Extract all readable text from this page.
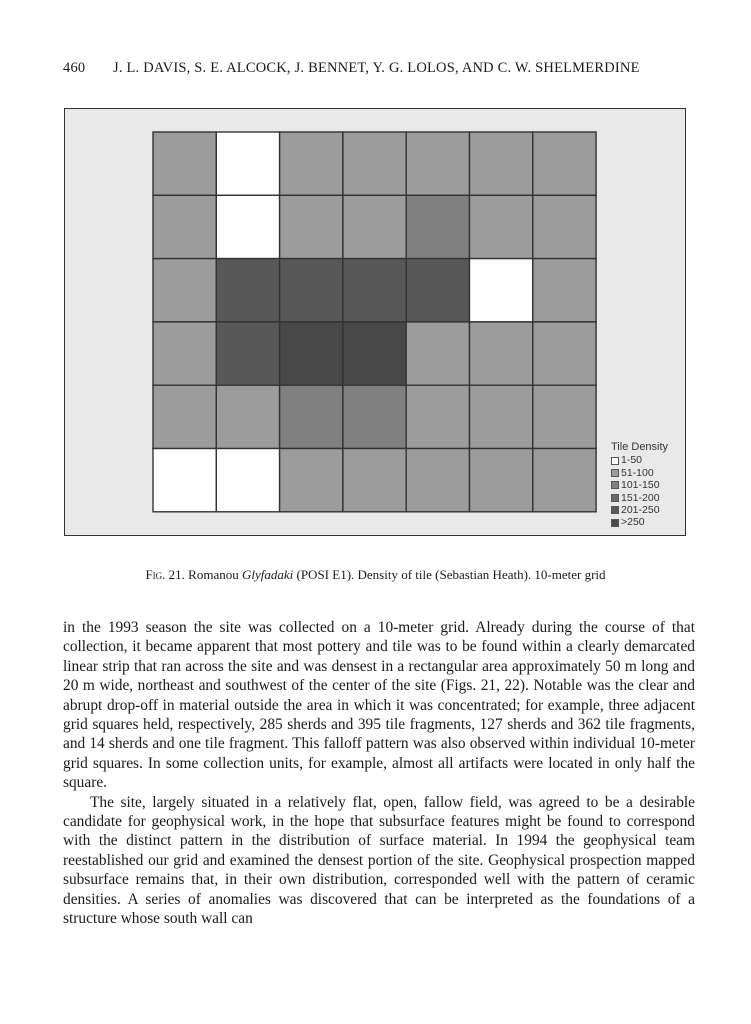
460 J. L. DAVIS, S. E. ALCOCK, J. BENNET, Y. G. LOLOS, AND C. W. SHELMERDINE
Tile Density
1-50
51-100
101-150
151-200
201-250
>250
Fig. 21. Romanou Glyfadaki (POSI E1). Density of tile (Sebastian Heath). 10-meter grid

in the 1993 season the site was collected on a 10-meter grid. Already during the course of that collection, it became apparent that most pottery and tile was to be found within a clearly demarcated linear strip that ran across the site and was densest in a rectangular area approximately 50 m long and 20 m wide, northeast and southwest of the center of the site (Figs. 21, 22). Notable was the clear and abrupt drop-off in material outside the area in which it was concentrated; for example, three adjacent grid squares held, respectively, 285 sherds and 395 tile fragments, 127 sherds and 362 tile fragments, and 14 sherds and one tile fragment. This falloff pattern was also observed within individual 10-meter grid squares. In some collection units, for example, almost all artifacts were located in only half the square.

The site, largely situated in a relatively flat, open, fallow field, was agreed to be a desirable candidate for geophysical work, in the hope that subsurface features might be found to correspond with the distinct pattern in the distribution of surface material. In 1994 the geophysical team reestablished our grid and examined the densest portion of the site. Geophysical prospection mapped subsurface remains that, in their own distribution, corresponded well with the pattern of ceramic densities. A series of anomalies was discovered that can be interpreted as the foundations of a structure whose south wall can
